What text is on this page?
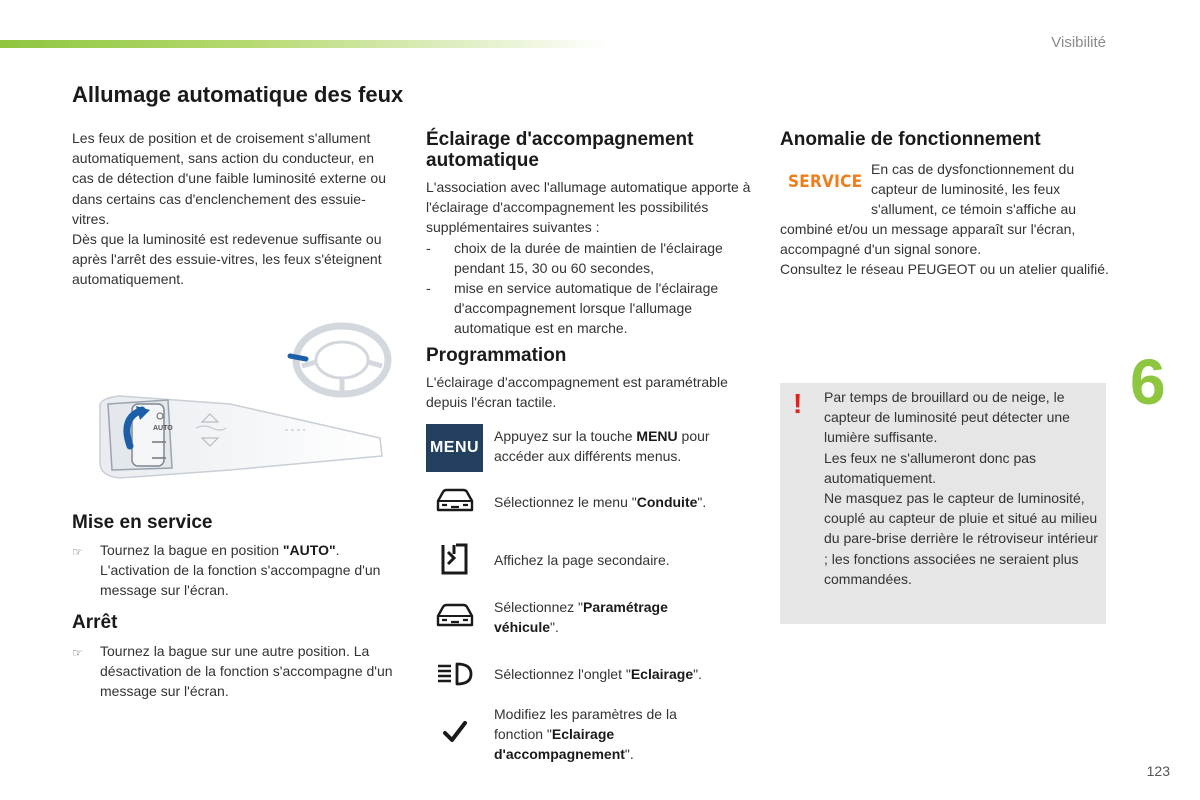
Visibilité
Allumage automatique des feux
Les feux de position et de croisement s'allument automatiquement, sans action du conducteur, en cas de détection d'une faible luminosité externe ou dans certains cas d'enclenchement des essuie-vitres.
Dès que la luminosité est redevenue suffisante ou après l'arrêt des essuie-vitres, les feux s'éteignent automatiquement.
AUTO
Mise en service
☞	Tournez la bague en position "AUTO". L'activation de la fonction s'accompagne d'un message sur l'écran.
Arrêt
☞	Tournez la bague sur une autre position. La désactivation de la fonction s'accompagne d'un message sur l'écran.
Éclairage d'accompagnement automatique
L'association avec l'allumage automatique apporte à l'éclairage d'accompagnement les possibilités supplémentaires suivantes :
-	choix de la durée de maintien de l'éclairage pendant 15, 30 ou 60 secondes,
-	mise en service automatique de l'éclairage d'accompagnement lorsque l'allumage automatique est en marche.
Programmation
L'éclairage d'accompagnement est paramétrable depuis l'écran tactile.
MENU
Appuyez sur la touche MENU pour accéder aux différents menus.
Sélectionnez le menu "Conduite".
Affichez la page secondaire.
Sélectionnez "Paramétrage véhicule".
Sélectionnez l'onglet "Eclairage".
Modifiez les paramètres de la fonction "Eclairage d'accompagnement".
Anomalie de fonctionnement
SERVICE
En cas de dysfonctionnement du capteur de luminosité, les feux s'allument, ce témoin s'affiche au
combiné et/ou un message apparaît sur l'écran, accompagné d'un signal sonore.
Consultez le réseau PEUGEOT ou un atelier qualifié.
6
! Par temps de brouillard ou de neige, le capteur de luminosité peut détecter une lumière suffisante.
Les feux ne s'allumeront donc pas automatiquement.
Ne masquez pas le capteur de luminosité, couplé au capteur de pluie et situé au milieu du pare-brise derrière le rétroviseur intérieur ; les fonctions associées ne seraient plus commandées.
123
